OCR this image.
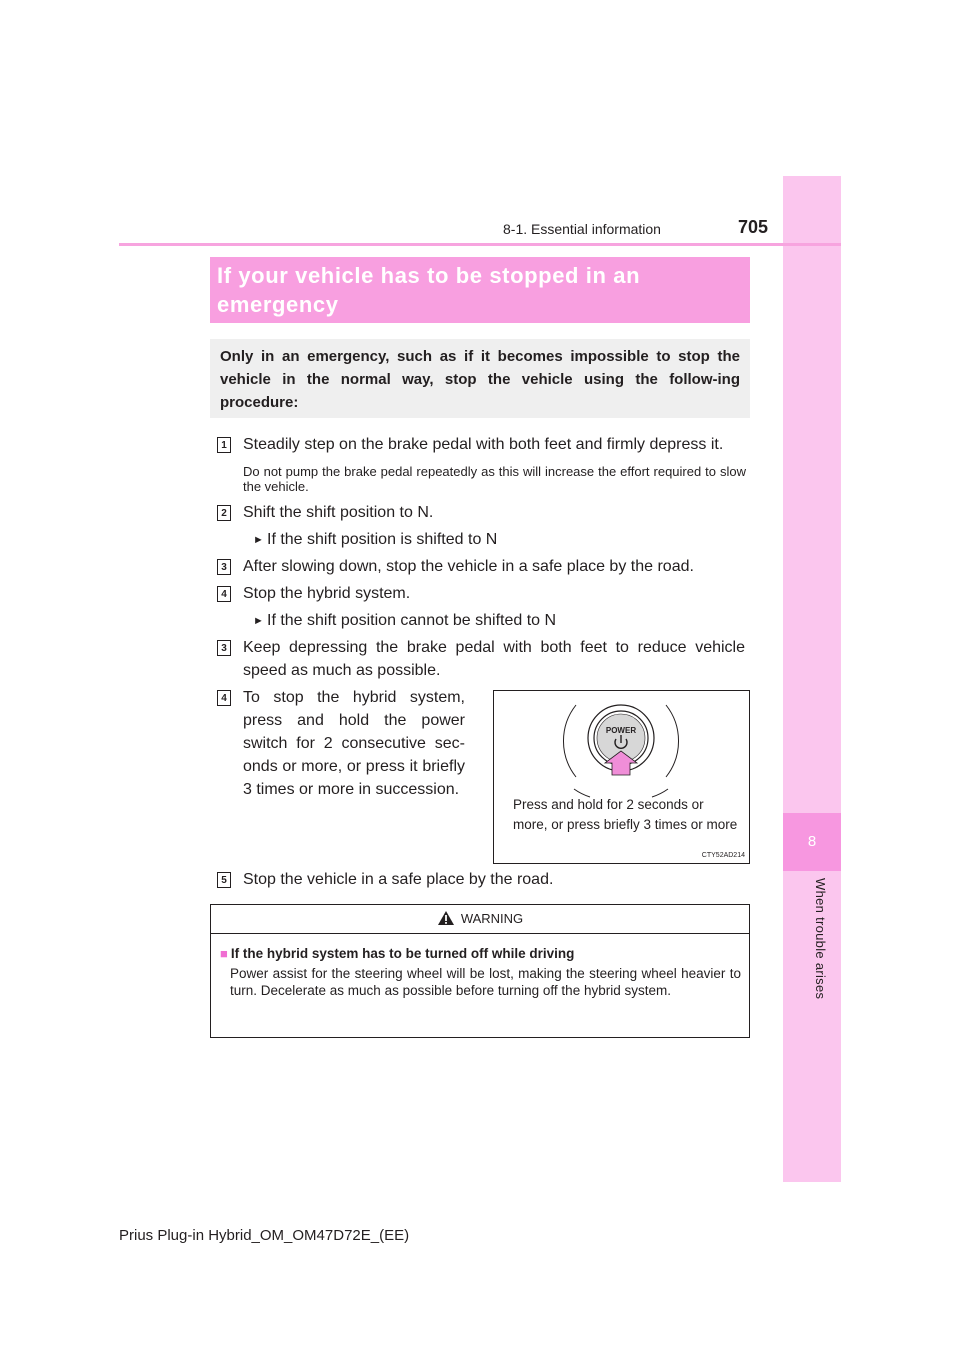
8
When trouble arises
8-1. Essential information	705
If your vehicle has to be stopped in an
emergency
Only in an emergency, such as if it becomes impossible to stop the vehicle in the normal way, stop the vehicle using the follow-ing procedure:
1 Steadily step on the brake pedal with both feet and firmly depress it.
Do not pump the brake pedal repeatedly as this will increase the effort required to slow the vehicle.
2 Shift the shift position to N.
► If the shift position is shifted to N
3 After slowing down, stop the vehicle in a safe place by the road.
4 Stop the hybrid system.
► If the shift position cannot be shifted to N
3 Keep depressing the brake pedal with both feet to reduce vehicle speed as much as possible.
4 To stop the hybrid system, press and hold the power switch for 2 consecutive sec-onds or more, or press it briefly 3 times or more in succession.
POWER
Press and hold for 2 seconds or more, or press briefly 3 times or more
CTY52AD214
5 Stop the vehicle in a safe place by the road.
WARNING
■ If the hybrid system has to be turned off while driving
Power assist for the steering wheel will be lost, making the steering wheel heavier to turn. Decelerate as much as possible before turning off the hybrid system.
Prius Plug-in Hybrid_OM_OM47D72E_(EE)
